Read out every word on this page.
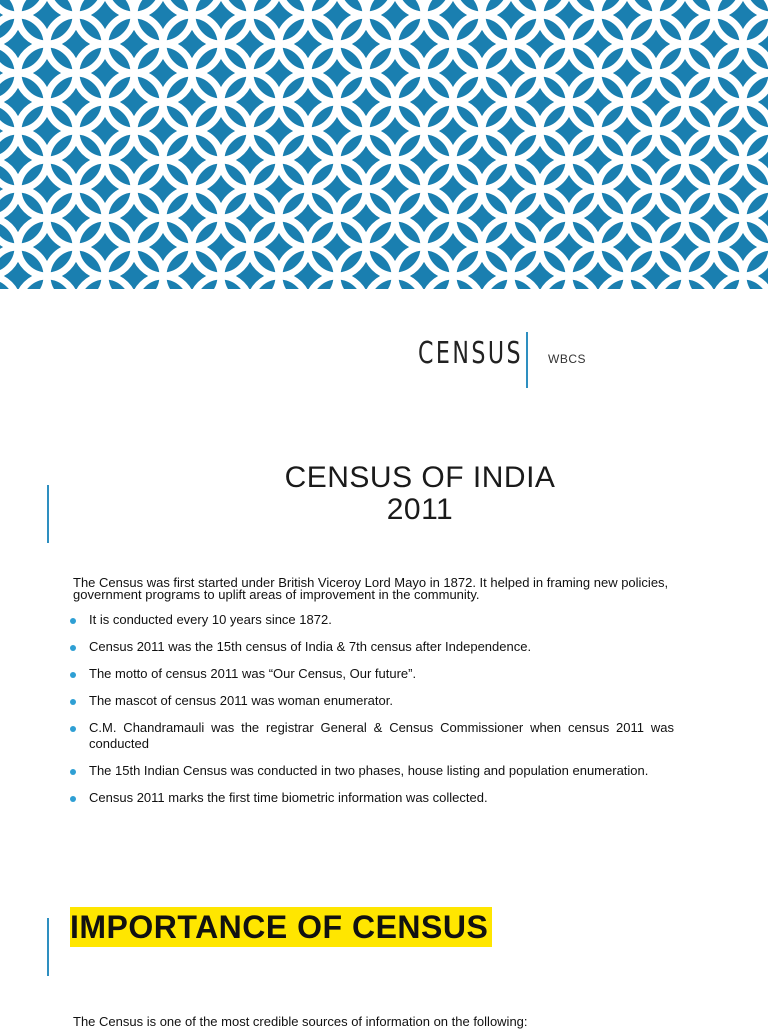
CENSUS WBCS
CENSUS OF INDIA
2011
The Census was first started under British Viceroy Lord Mayo in 1872. It helped in framing new policies, government programs to uplift areas of improvement in the community.
It is conducted every 10 years since 1872.
Census 2011 was the 15th census of India & 7th census after Independence.
The motto of census 2011 was “Our Census, Our future”.
The mascot of census 2011 was woman enumerator.
C.M. Chandramauli was the registrar General & Census Commissioner when census 2011 was conducted
The 15th Indian Census was conducted in two phases, house listing and population enumeration.
Census 2011 marks the first time biometric information was collected.
IMPORTANCE OF CENSUS
The Census is one of the most credible sources of information on the following:
